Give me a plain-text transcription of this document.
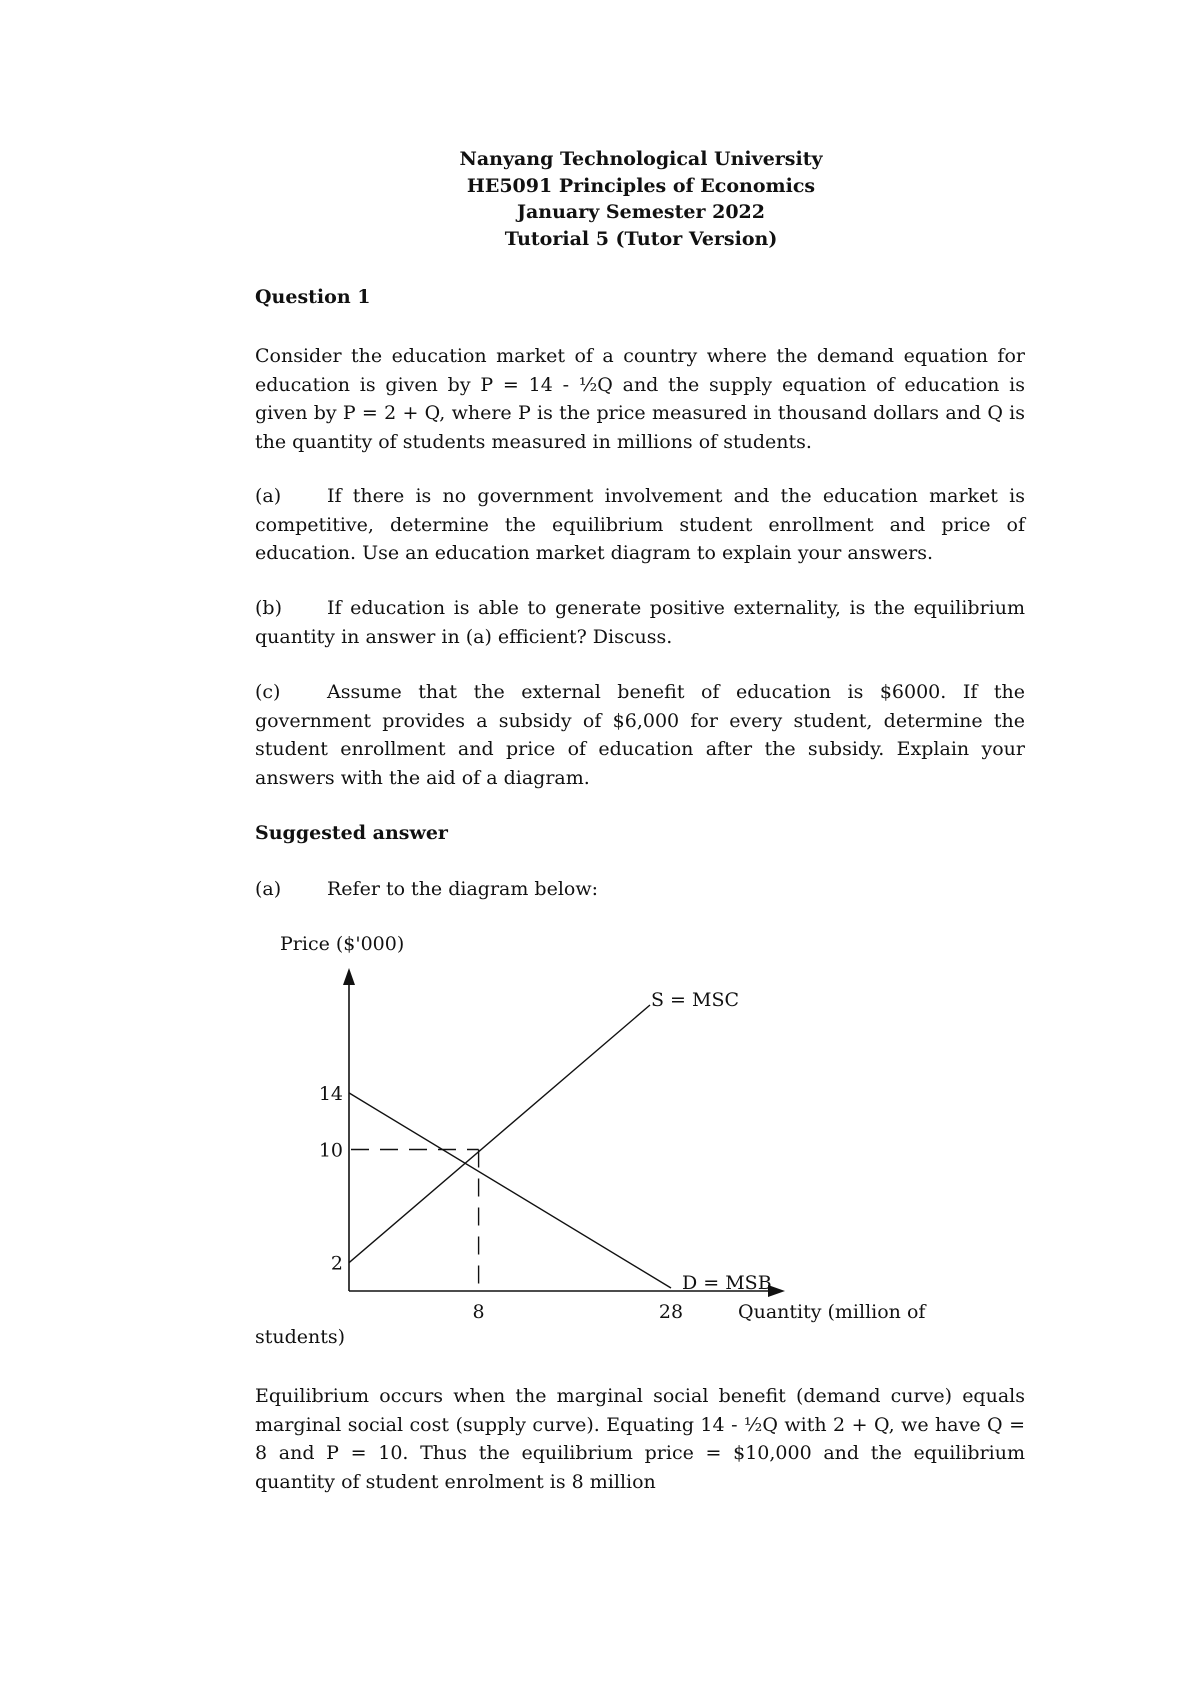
Nanyang Technological University
HE5091 Principles of Economics
January Semester 2022
Tutorial 5 (Tutor Version)
Question 1
Consider the education market of a country where the demand equation for education is given by P = 14 - ½Q and the supply equation of education is given by P = 2 + Q, where P is the price measured in thousand dollars and Q is the quantity of students measured in millions of students.
(a) If there is no government involvement and the education market is competitive, determine the equilibrium student enrollment and price of education. Use an education market diagram to explain your answers.
(b) If education is able to generate positive externality, is the equilibrium quantity in answer in (a) efficient? Discuss.
(c) Assume that the external benefit of education is $6000. If the government provides a subsidy of $6,000 for every student, determine the student enrollment and price of education after the subsidy. Explain your answers with the aid of a diagram.
Suggested answer
(a) Refer to the diagram below:
Price ($'000)
14
10
2
8	28	Quantity (million of
S = MSC
D = MSB
students)
Equilibrium occurs when the marginal social benefit (demand curve) equals marginal social cost (supply curve). Equating 14 - ½Q with 2 + Q, we have Q = 8 and P = 10. Thus the equilibrium price = $10,000 and the equilibrium quantity of student enrolment is 8 million
